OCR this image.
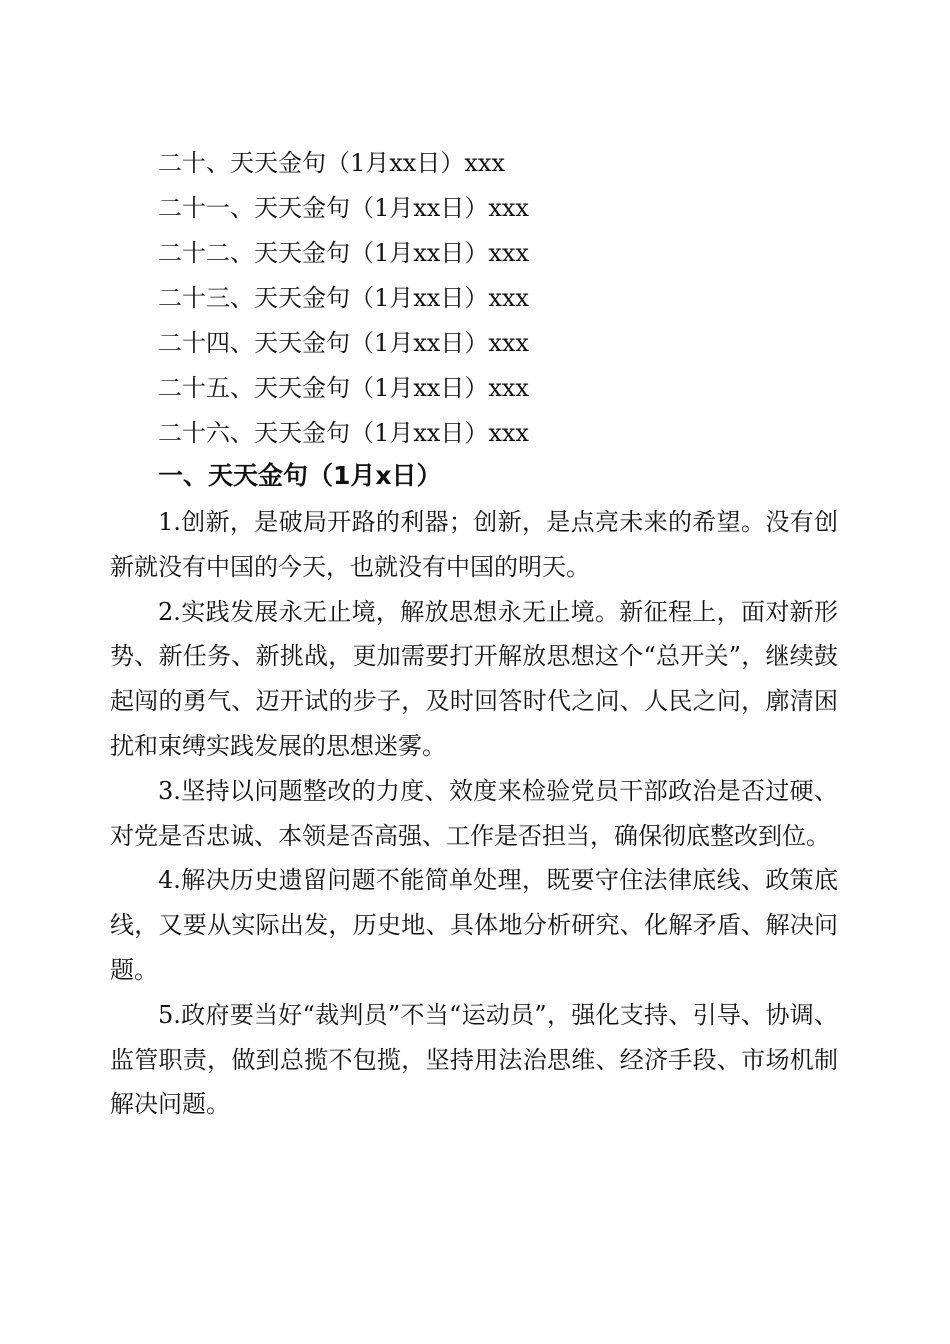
二十、天天金句（1月xx日）xxx
二十一、天天金句（1月xx日）xxx
二十二、天天金句（1月xx日）xxx
二十三、天天金句（1月xx日）xxx
二十四、天天金句（1月xx日）xxx
二十五、天天金句（1月xx日）xxx
二十六、天天金句（1月xx日）xxx
一、天天金句（1月x日）

1.创新，是破局开路的利器；创新，是点亮未来的希望。没有创新就没有中国的今天，也就没有中国的明天。

2.实践发展永无止境，解放思想永无止境。新征程上，面对新形势、新任务、新挑战，更加需要打开解放思想这个“总开关”，继续鼓起闯的勇气、迈开试的步子，及时回答时代之问、人民之问，廓清困扰和束缚实践发展的思想迷雾。

3.坚持以问题整改的力度、效度来检验党员干部政治是否过硬、对党是否忠诚、本领是否高强、工作是否担当，确保彻底整改到位。

4.解决历史遗留问题不能简单处理，既要守住法律底线、政策底线，又要从实际出发，历史地、具体地分析研究、化解矛盾、解决问题。

5.政府要当好“裁判员”不当“运动员”，强化支持、引导、协调、监管职责，做到总揽不包揽，坚持用法治思维、经济手段、市场机制解决问题。
